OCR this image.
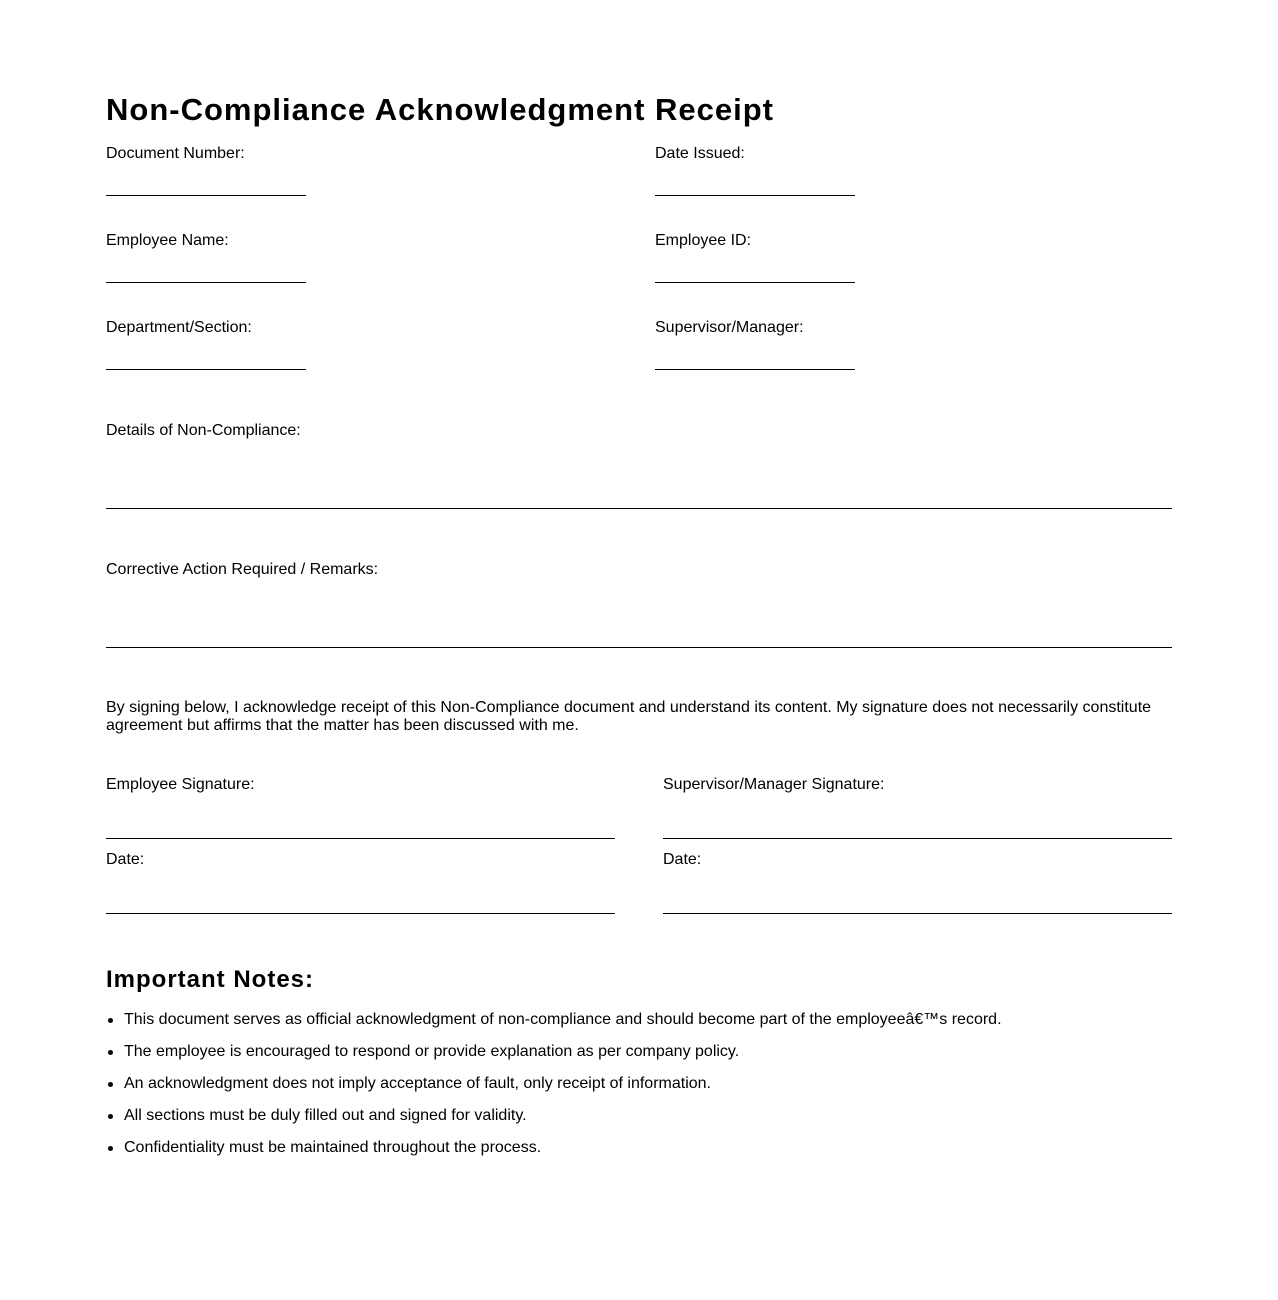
Non-Compliance Acknowledgment Receipt
Document Number:	Date Issued:
Employee Name:	Employee ID:
Department/Section:	Supervisor/Manager:
Details of Non-Compliance:
Corrective Action Required / Remarks:
By signing below, I acknowledge receipt of this Non-Compliance document and understand its content. My signature does not necessarily constitute agreement but affirms that the matter has been discussed with me.
Employee Signature:	Supervisor/Manager Signature:
Date:	Date:
Important Notes:
This document serves as official acknowledgment of non-compliance and should become part of the employeeâ€™s record.
The employee is encouraged to respond or provide explanation as per company policy.
An acknowledgment does not imply acceptance of fault, only receipt of information.
All sections must be duly filled out and signed for validity.
Confidentiality must be maintained throughout the process.
